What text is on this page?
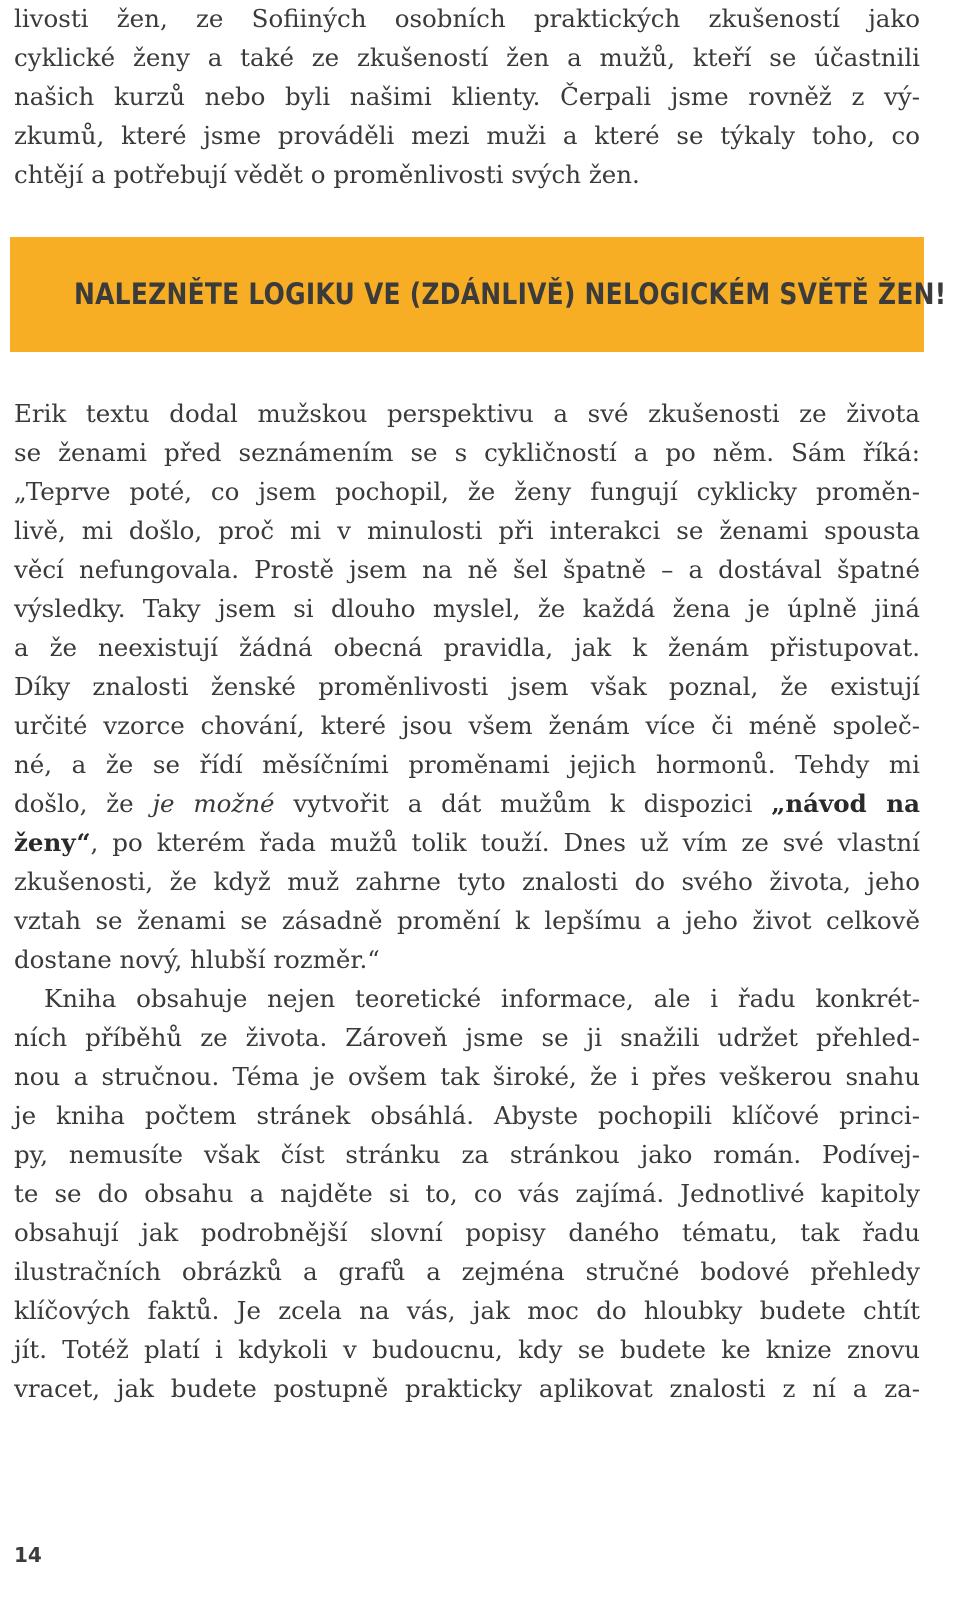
livosti žen, ze Sofiiných osobních praktických zkušeností jako
cyklické ženy a také ze zkušeností žen a mužů, kteří se účastnili
našich kurzů nebo byli našimi klienty. Čerpali jsme rovněž z vý-
zkumů, které jsme prováděli mezi muži a které se týkaly toho, co
chtějí a potřebují vědět o proměnlivosti svých žen.
NALEZNĚTE LOGIKU VE (ZDÁNLIVĚ) NELOGICKÉM SVĚTĚ ŽEN!
Erik textu dodal mužskou perspektivu a své zkušenosti ze života
se ženami před seznámením se s cykličností a po něm. Sám říká:
„Teprve poté, co jsem pochopil, že ženy fungují cyklicky proměn-
livě, mi došlo, proč mi v minulosti při interakci se ženami spousta
věcí nefungovala. Prostě jsem na ně šel špatně – a dostával špatné
výsledky. Taky jsem si dlouho myslel, že každá žena je úplně jiná
a že neexistují žádná obecná pravidla, jak k ženám přistupovat.
Díky znalosti ženské proměnlivosti jsem však poznal, že existují
určité vzorce chování, které jsou všem ženám více či méně společ-
né, a že se řídí měsíčními proměnami jejich hormonů. Tehdy mi
došlo, že je možné vytvořit a dát mužům k dispozici „návod na
ženy“, po kterém řada mužů tolik touží. Dnes už vím ze své vlastní
zkušenosti, že když muž zahrne tyto znalosti do svého života, jeho
vztah se ženami se zásadně promění k lepšímu a jeho život celkově
dostane nový, hlubší rozměr.“
Kniha obsahuje nejen teoretické informace, ale i řadu konkrét-
ních příběhů ze života. Zároveň jsme se ji snažili udržet přehled-
nou a stručnou. Téma je ovšem tak široké, že i přes veškerou snahu
je kniha počtem stránek obsáhlá. Abyste pochopili klíčové princi-
py, nemusíte však číst stránku za stránkou jako román. Podívej-
te se do obsahu a najděte si to, co vás zajímá. Jednotlivé kapitoly
obsahují jak podrobnější slovní popisy daného tématu, tak řadu
ilustračních obrázků a grafů a zejména stručné bodové přehledy
klíčových faktů. Je zcela na vás, jak moc do hloubky budete chtít
jít. Totéž platí i kdykoli v budoucnu, kdy se budete ke knize znovu
vracet, jak budete postupně prakticky aplikovat znalosti z ní a za-
14
